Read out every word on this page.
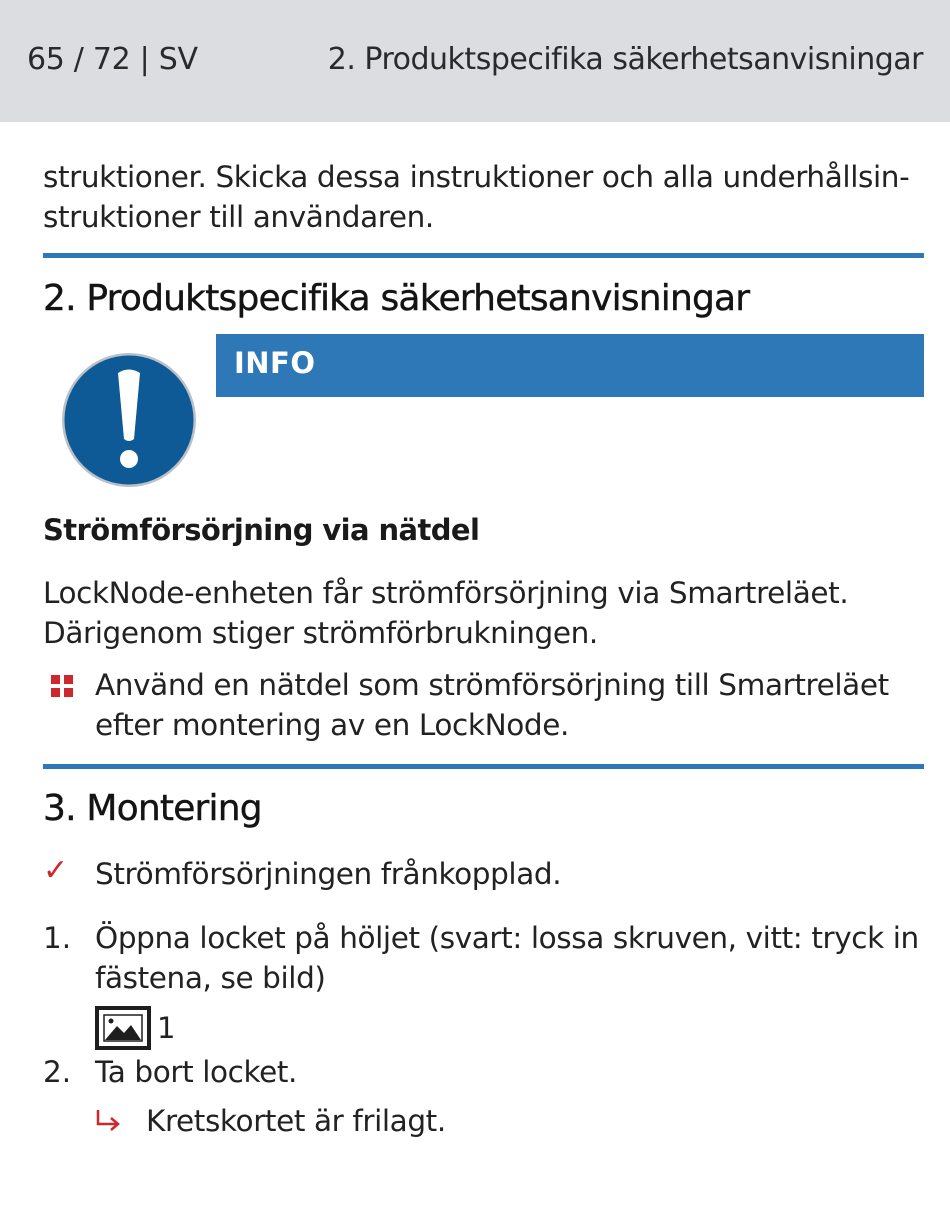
65 / 72 | SV	2. Produktspecifika säkerhetsanvisningar
struktioner. Skicka dessa instruktioner och alla underhållsin-
struktioner till användaren.
2. Produktspecifika säkerhetsanvisningar
INFO
Strömförsörjning via nätdel
LockNode-enheten får strömförsörjning via Smartreläet.
Därigenom stiger strömförbrukningen.
Använd en nätdel som strömförsörjning till Smartreläet
efter montering av en LockNode.
3. Montering
✓ Strömförsörjningen frånkopplad.
1. Öppna locket på höljet (svart: lossa skruven, vitt: tryck in
fästena, se bild)
1
2. Ta bort locket.
Kretskortet är frilagt.
